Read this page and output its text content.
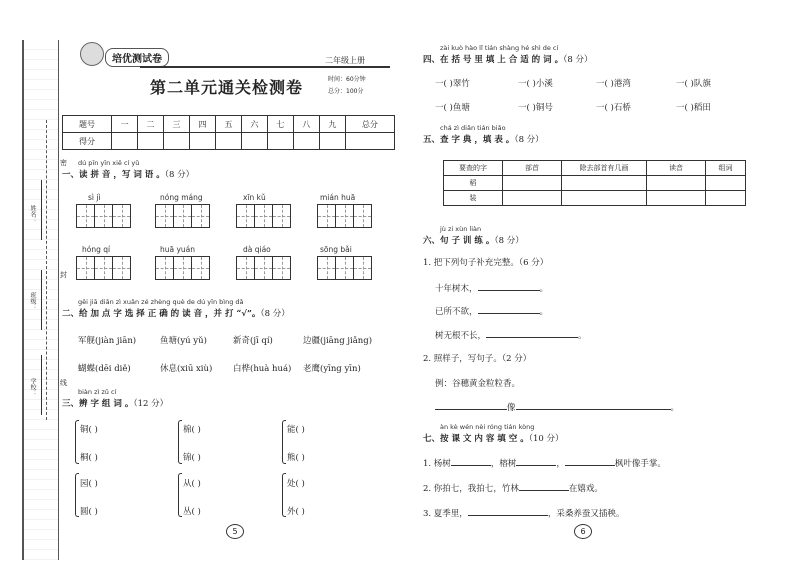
密
封
线
姓名：
班级：
学校：
培优测试卷	二年级上册
第二单元通关检测卷	时间：60分钟
总分：100分
题号	一	二	三	四	五	六	七	八	九	总分
得分										
dú pīn yīn xiě cí yǔ
一、读 拼 音 ，写 词 语 。（8 分）
sì jì	nóng máng	xīn kǔ	mián huā
hóng qí	huā yuán	dà qiáo	sōng bǎi
gěi jiā diǎn zì xuǎn zé zhèng què de dú yīn bìng dǎ
二、给 加 点 字 选 择 正 确 的 读 音 ，并 打 “√”。（8 分）
军舰(jiàn jiān)	鱼塘(yú yǔ)	新奇(jī qí)	边疆(jiāng jiǎng)
蝴蝶(dēi diě)	休息(xiū xiù) 白桦(huà huá) 老鹰(yīng yīn)
biàn zì zǔ cí
三、辨 字 组 词 。（12 分）
铜( )	棉( )	能( )
桐( )	锦( )	熊( )
园( )	从( )	处( )
圆( )	丛( )	外( )
5
zài kuò hào lǐ tián shàng hé shì de cí
四、在 括 号 里 填 上 合 适 的 词 。（8 分）
一( )翠竹	一( )小溪	一( )港湾	一( )队旗
一( )鱼塘	一( )铜号	一( )石桥	一( )稻田
chá zì diǎn tián biǎo
五、查 字 典 ，填 表 。（8 分）
要查的字	部首	除去部首有几画	读音	组词
稻				
装				
jù zi xùn liàn
六、句 子 训 练 。（8 分）
1. 把下列句子补充完整。（6 分）
十年树木，	。
已所不欲，	。
树无根不长，	。
2. 照样子，写句子。（2 分）
例：谷穗黄金粒粒香。
像	。
àn kè wén nèi róng tián kòng
七、按 课 文 内 容 填 空 。（10 分）
1. 杨树	，榕树	，	枫叶像手掌。
2. 你拍七，我拍七，竹林	在嬉戏。
3. 夏季里，	，采桑养蚕又插秧。
6
